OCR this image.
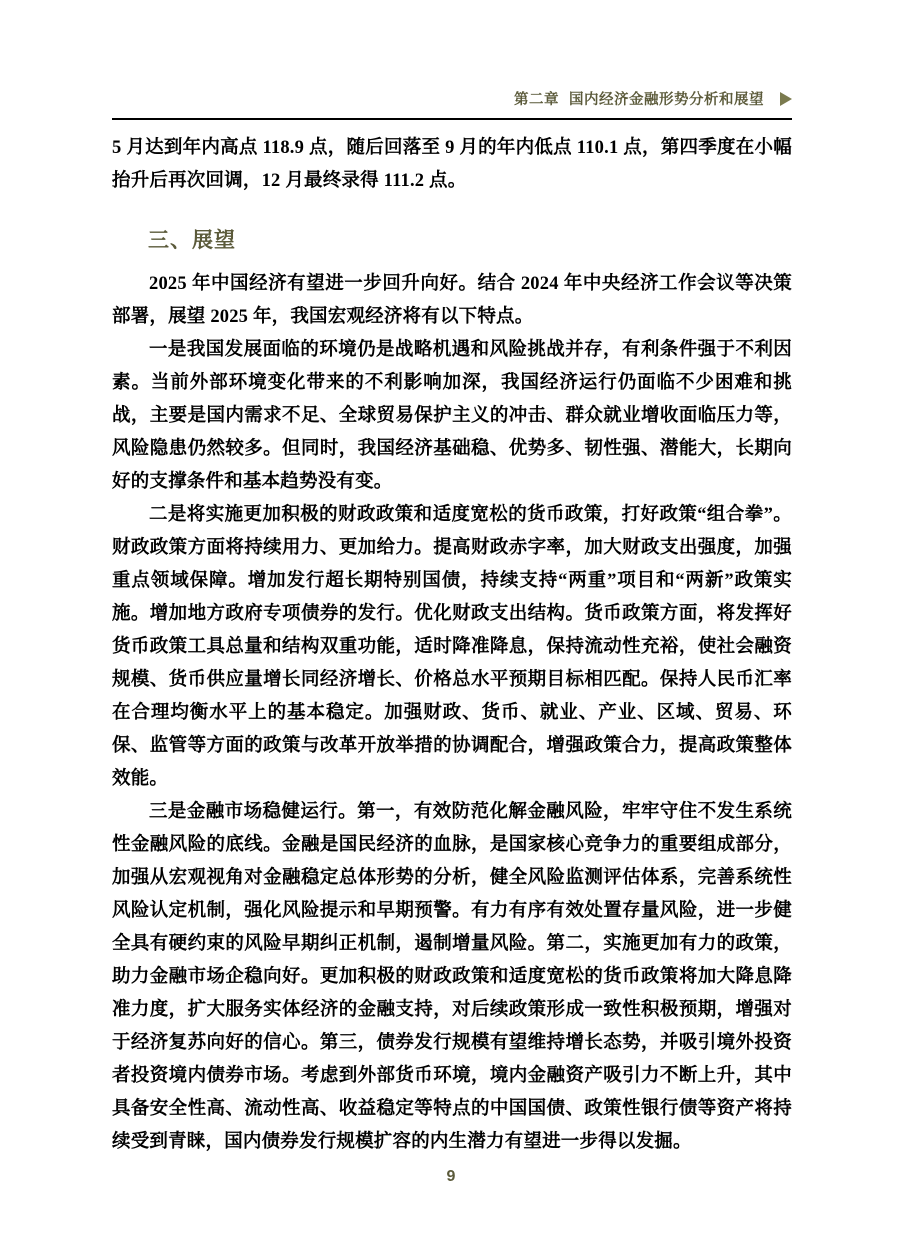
第二章 国内经济金融形势分析和展望

5 月达到年内高点 118.9 点，随后回落至 9 月的年内低点 110.1 点，第四季度在小幅抬升后再次回调，12 月最终录得 111.2 点。

三、展望

2025 年中国经济有望进一步回升向好。结合 2024 年中央经济工作会议等决策部署，展望 2025 年，我国宏观经济将有以下特点。

一是我国发展面临的环境仍是战略机遇和风险挑战并存，有利条件强于不利因素。当前外部环境变化带来的不利影响加深，我国经济运行仍面临不少困难和挑战，主要是国内需求不足、全球贸易保护主义的冲击、群众就业增收面临压力等，风险隐患仍然较多。但同时，我国经济基础稳、优势多、韧性强、潜能大，长期向好的支撑条件和基本趋势没有变。

二是将实施更加积极的财政政策和适度宽松的货币政策，打好政策“组合拳”。财政政策方面将持续用力、更加给力。提高财政赤字率，加大财政支出强度，加强重点领域保障。增加发行超长期特别国债，持续支持“两重”项目和“两新”政策实施。增加地方政府专项债券的发行。优化财政支出结构。货币政策方面，将发挥好货币政策工具总量和结构双重功能，适时降准降息，保持流动性充裕，使社会融资规模、货币供应量增长同经济增长、价格总水平预期目标相匹配。保持人民币汇率在合理均衡水平上的基本稳定。加强财政、货币、就业、产业、区域、贸易、环保、监管等方面的政策与改革开放举措的协调配合，增强政策合力，提高政策整体效能。

三是金融市场稳健运行。第一，有效防范化解金融风险，牢牢守住不发生系统性金融风险的底线。金融是国民经济的血脉，是国家核心竞争力的重要组成部分，加强从宏观视角对金融稳定总体形势的分析，健全风险监测评估体系，完善系统性风险认定机制，强化风险提示和早期预警。有力有序有效处置存量风险，进一步健全具有硬约束的风险早期纠正机制，遏制增量风险。第二，实施更加有力的政策，助力金融市场企稳向好。更加积极的财政政策和适度宽松的货币政策将加大降息降准力度，扩大服务实体经济的金融支持，对后续政策形成一致性积极预期，增强对于经济复苏向好的信心。第三，债券发行规模有望维持增长态势，并吸引境外投资者投资境内债券市场。考虑到外部货币环境，境内金融资产吸引力不断上升，其中具备安全性高、流动性高、收益稳定等特点的中国国债、政策性银行债等资产将持续受到青睐，国内债券发行规模扩容的内生潜力有望进一步得以发掘。

9
